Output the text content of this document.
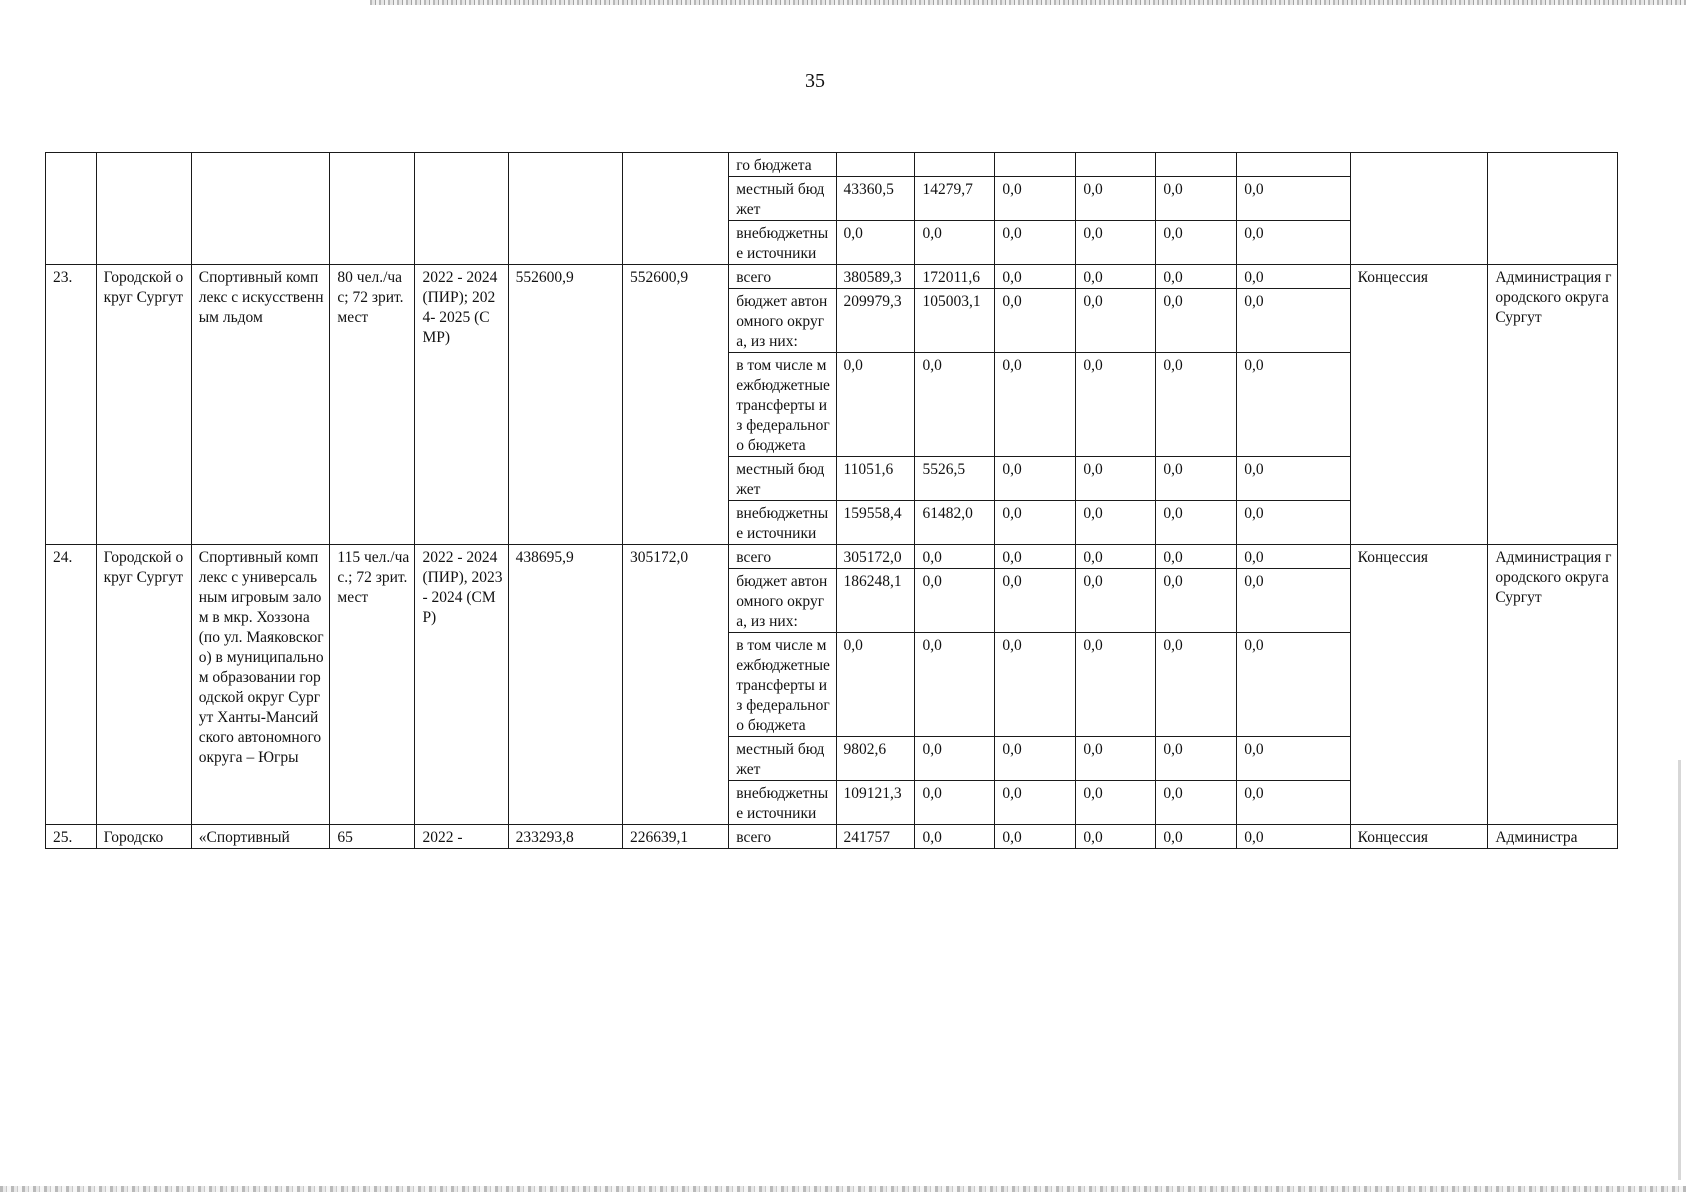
35
							го бюджета								
							местный бюджет	43360,5	14279,7	0,0	0,0	0,0	0,0		
							внебюджетные источники	0,0	0,0	0,0	0,0	0,0	0,0		
23.	Городской округ Сургут	Спортивный комплекс с искусственным льдом	80 чел./час; 72 зрит. мест	2022 - 2024 (ПИР); 2024- 2025 (СМР)	552600,9	552600,9	всего	380589,3	172011,6	0,0	0,0	0,0	0,0	Концессия	Администрация городского округа Сургут
							бюджет автономного округа, из них:	209979,3	105003,1	0,0	0,0	0,0	0,0		
							в том числе межбюджетные трансферты из федерального бюджета	0,0	0,0	0,0	0,0	0,0	0,0		
							местный бюджет	11051,6	5526,5	0,0	0,0	0,0	0,0		
							внебюджетные источники	159558,4	61482,0	0,0	0,0	0,0	0,0		
24.	Городской округ Сургут	Спортивный комплекс с универсальным игровым залом в мкр. Хоззона (по ул. Маяковского) в муниципальном образовании городской округ Сургут Ханты-Мансийского автономного округа – Югры	115 чел./час.; 72 зрит. мест	2022 - 2024 (ПИР), 2023 - 2024 (СМР)	438695,9	305172,0	всего	305172,0	0,0	0,0	0,0	0,0	0,0	Концессия	Администрация городского округа Сургут
							бюджет автономного округа, из них:	186248,1	0,0	0,0	0,0	0,0	0,0		
							в том числе межбюджетные трансферты из федерального бюджета	0,0	0,0	0,0	0,0	0,0	0,0		
							местный бюджет	9802,6	0,0	0,0	0,0	0,0	0,0		
							внебюджетные источники	109121,3	0,0	0,0	0,0	0,0	0,0		
25.	Городско	«Спортивный	65	2022 -	233293,8	226639,1	всего	241757	0,0	0,0	0,0	0,0	0,0	Концессия	Администра
